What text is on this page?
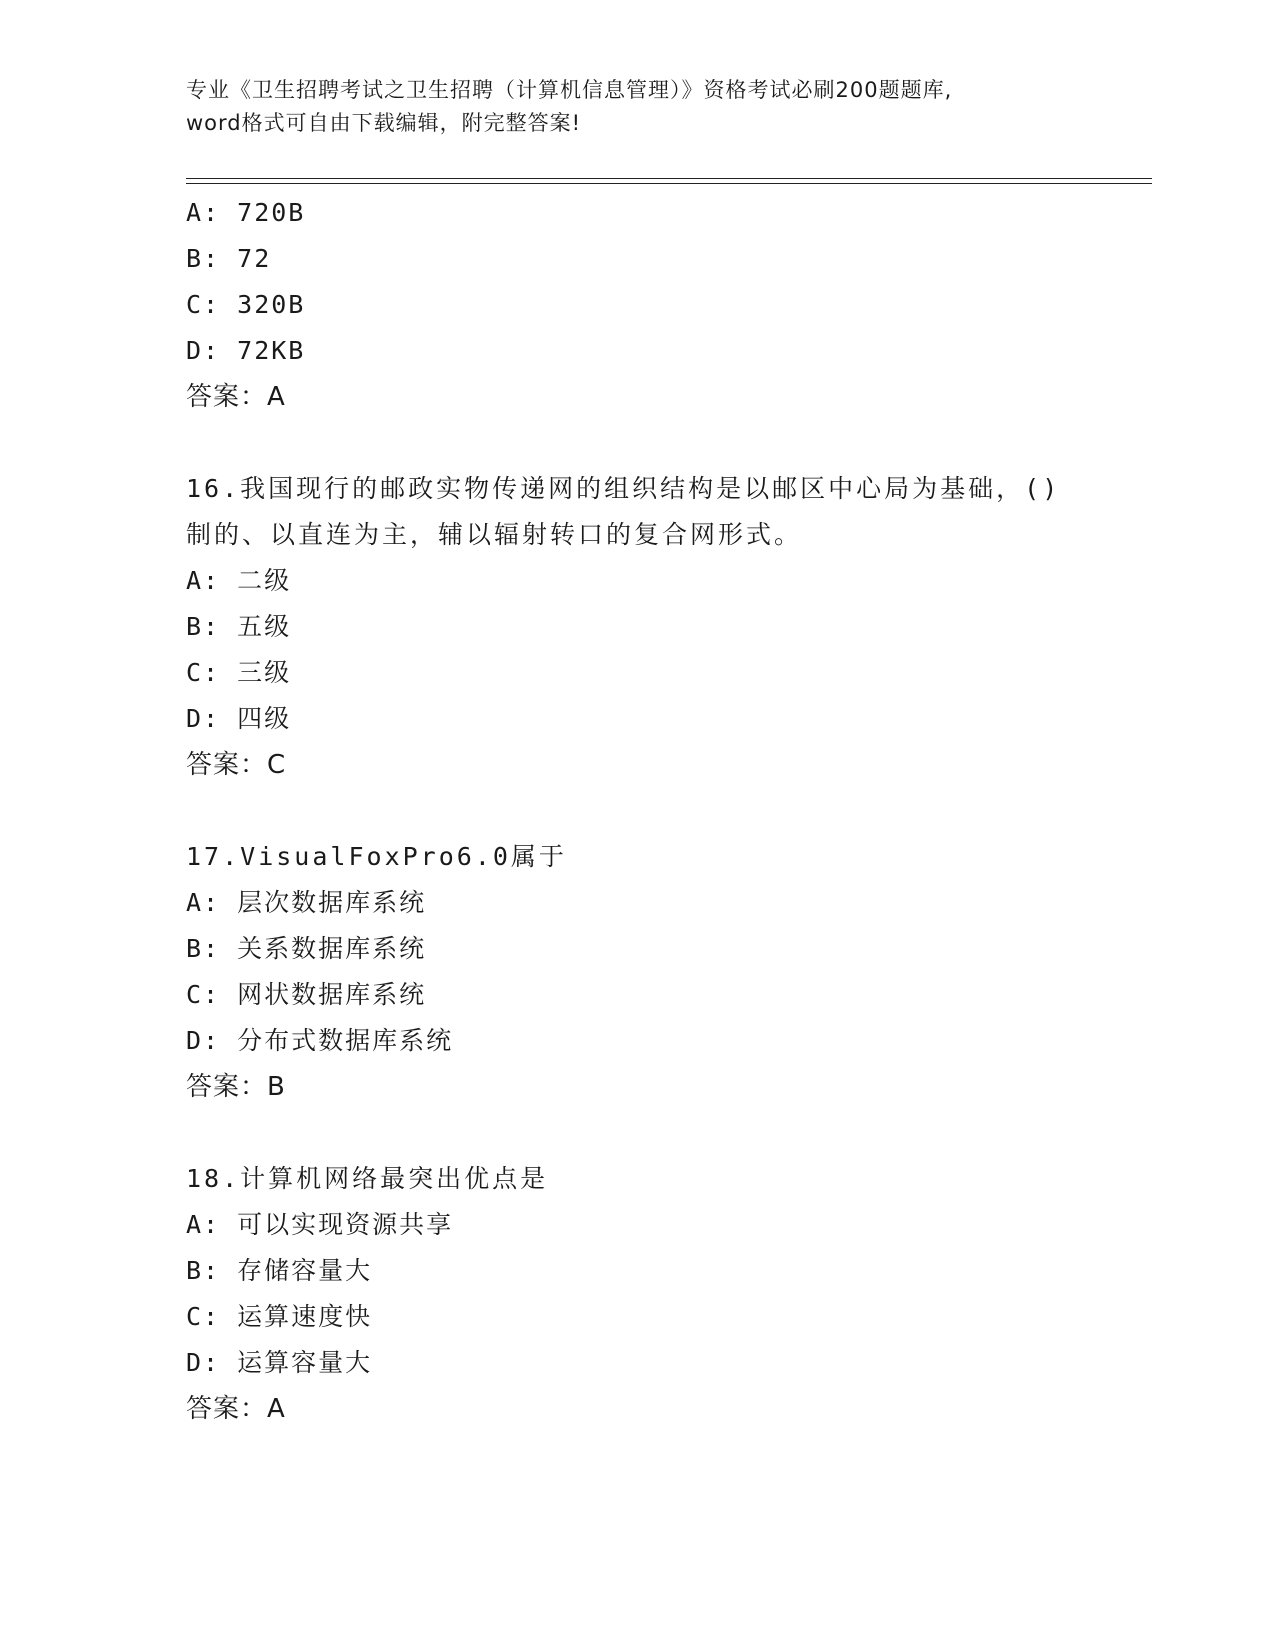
专业《卫生招聘考试之卫生招聘（计算机信息管理）》资格考试必刷200题题库,
word格式可自由下载编辑，附完整答案!
A: 720B
B: 72
C: 320B
D: 72KB
答案：A
16.我国现行的邮政实物传递网的组织结构是以邮区中心局为基础，()
制的、以直连为主，辅以辐射转口的复合网形式。
A: 二级
B: 五级
C: 三级
D: 四级
答案：C
17.VisualFoxPro6.0属于
A: 层次数据库系统
B: 关系数据库系统
C: 网状数据库系统
D: 分布式数据库系统
答案：B
18.计算机网络最突出优点是
A: 可以实现资源共享
B: 存储容量大
C: 运算速度快
D: 运算容量大
答案：A
